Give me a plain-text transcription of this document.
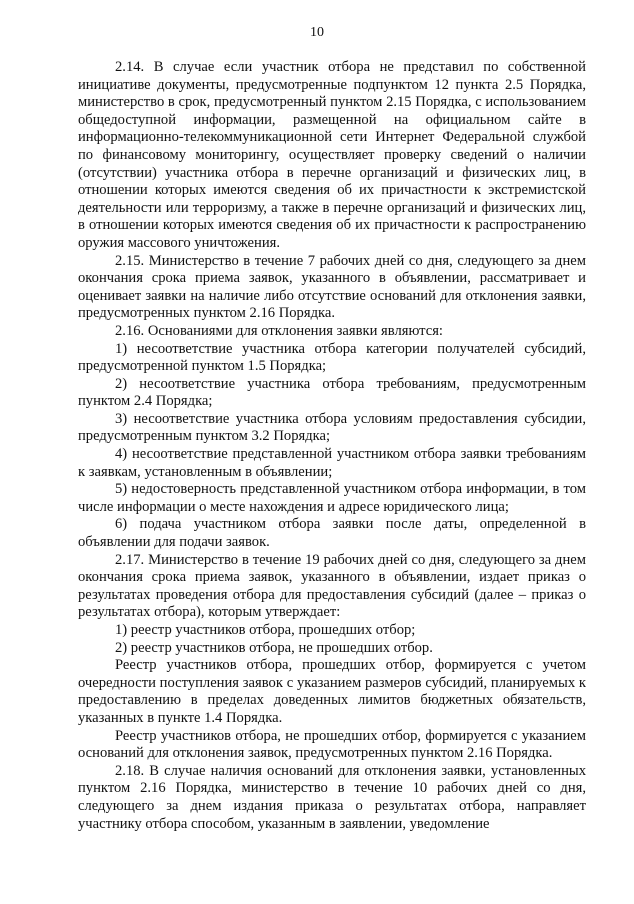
10

2.14. В случае если участник отбора не представил по собственной инициативе документы, предусмотренные подпунктом 12 пункта 2.5 Порядка, министерство в срок, предусмотренный пунктом 2.15 Порядка, с использованием общедоступной информации, размещенной на официальном сайте в информационно-телекоммуникационной сети Интернет Федеральной службой по финансовому мониторингу, осуществляет проверку сведений о наличии (отсутствии) участника отбора в перечне организаций и физических лиц, в отношении которых имеются сведения об их причастности к экстремистской деятельности или терроризму, а также в перечне организаций и физических лиц, в отношении которых имеются сведения об их причастности к распространению оружия массового уничтожения.

2.15. Министерство в течение 7 рабочих дней со дня, следующего за днем окончания срока приема заявок, указанного в объявлении, рассматривает и оценивает заявки на наличие либо отсутствие оснований для отклонения заявки, предусмотренных пунктом 2.16 Порядка.

2.16. Основаниями для отклонения заявки являются:

1) несоответствие участника отбора категории получателей субсидий, предусмотренной пунктом 1.5 Порядка;

2) несоответствие участника отбора требованиям, предусмотренным пунктом 2.4 Порядка;

3) несоответствие участника отбора условиям предоставления субсидии, предусмотренным пунктом 3.2 Порядка;

4) несоответствие представленной участником отбора заявки требованиям к заявкам, установленным в объявлении;

5) недостоверность представленной участником отбора информации, в том числе информации о месте нахождения и адресе юридического лица;

6) подача участником отбора заявки после даты, определенной в объявлении для подачи заявок.

2.17. Министерство в течение 19 рабочих дней со дня, следующего за днем окончания срока приема заявок, указанного в объявлении, издает приказ о результатах проведения отбора для предоставления субсидий (далее – приказ о результатах отбора), которым утверждает:

1) реестр участников отбора, прошедших отбор;

2) реестр участников отбора, не прошедших отбор.

Реестр участников отбора, прошедших отбор, формируется с учетом очередности поступления заявок с указанием размеров субсидий, планируемых к предоставлению в пределах доведенных лимитов бюджетных обязательств, указанных в пункте 1.4 Порядка.

Реестр участников отбора, не прошедших отбор, формируется с указанием оснований для отклонения заявок, предусмотренных пунктом 2.16 Порядка.

2.18. В случае наличия оснований для отклонения заявки, установленных пунктом 2.16 Порядка, министерство в течение 10 рабочих дней со дня, следующего за днем издания приказа о результатах отбора, направляет участнику отбора способом, указанным в заявлении, уведомление
